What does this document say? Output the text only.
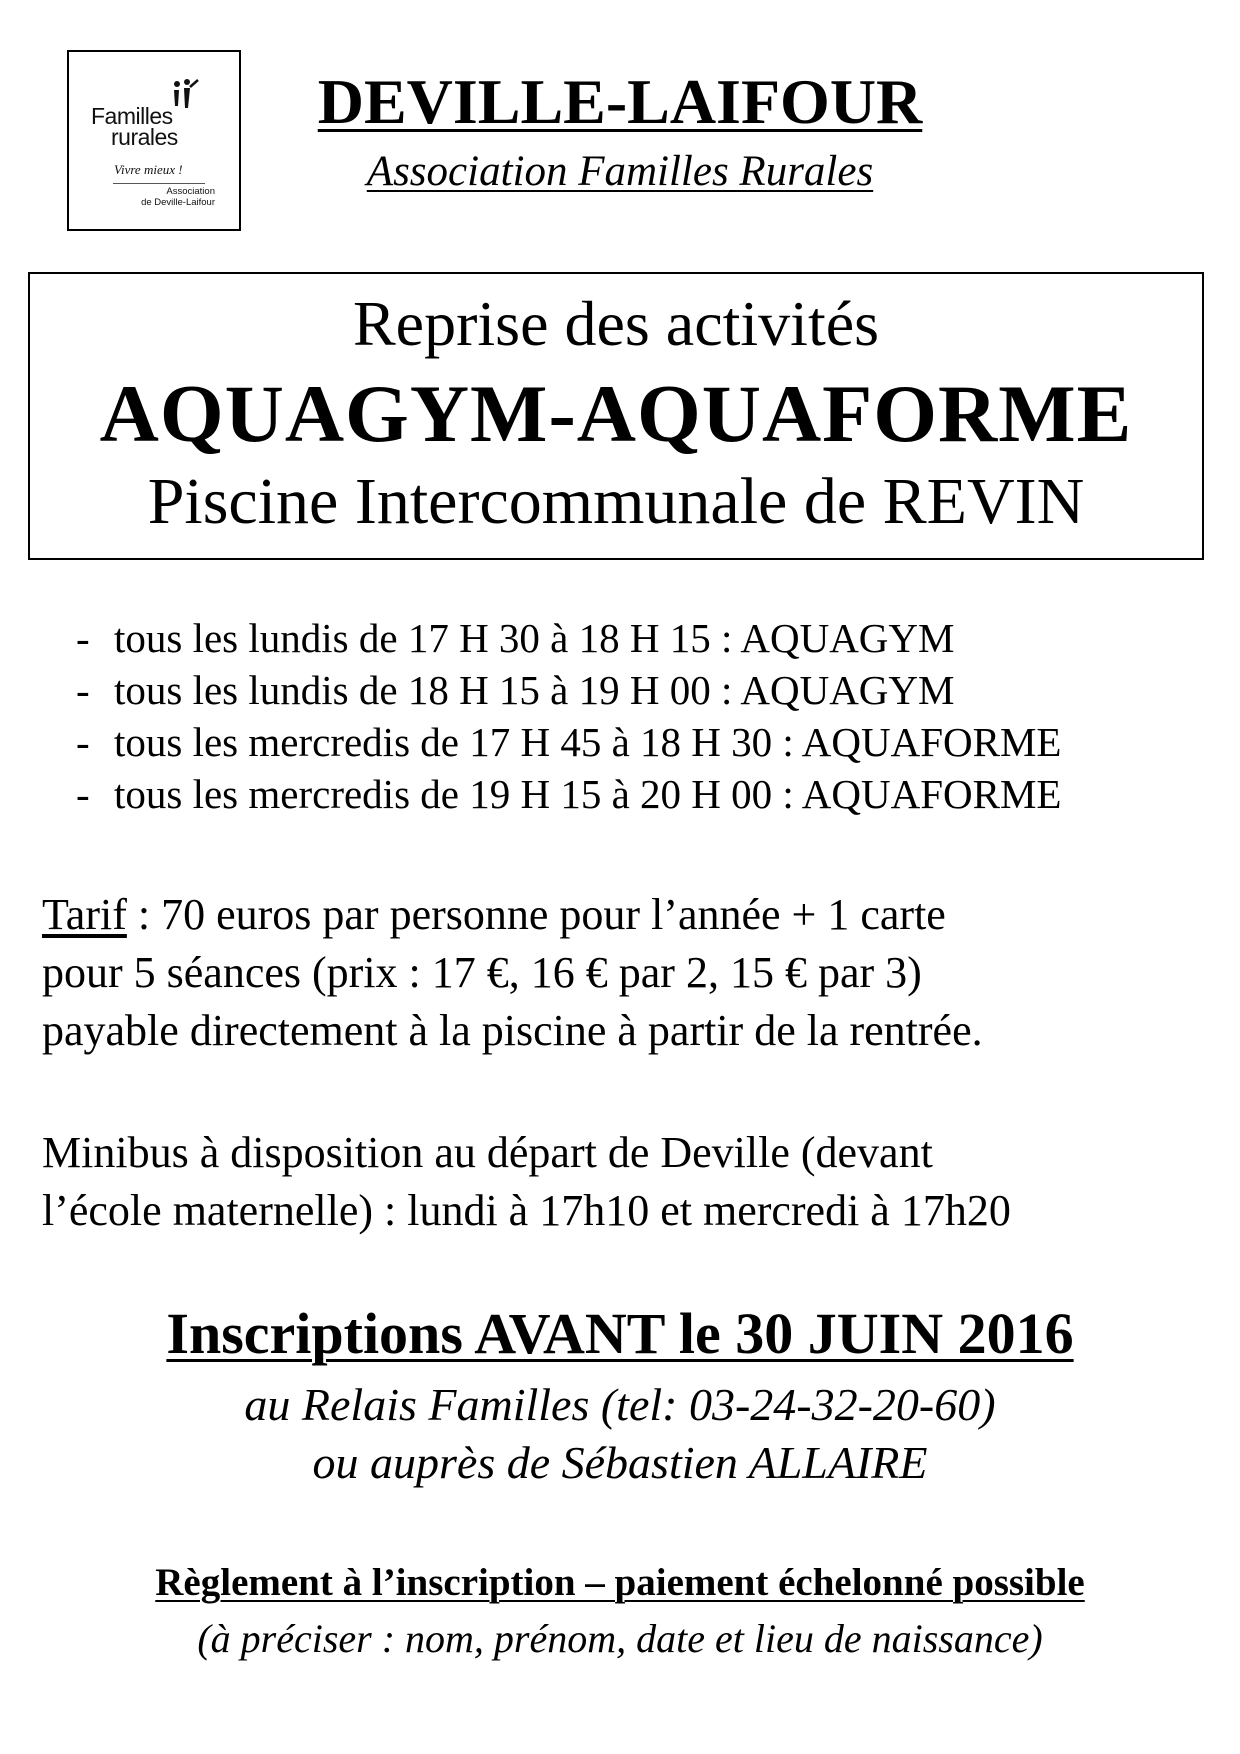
Familles
rurales
Vivre mieux !
Association
de Deville-Laifour
DEVILLE-LAIFOUR
Association Familles Rurales
Reprise des activités
AQUAGYM-AQUAFORME
Piscine Intercommunale de REVIN
- tous les lundis de 17 H 30 à 18 H 15 : AQUAGYM
- tous les lundis de 18 H 15 à 19 H 00 : AQUAGYM
- tous les mercredis de 17 H 45 à 18 H 30 : AQUAFORME
- tous les mercredis de 19 H 15 à 20 H 00 : AQUAFORME
Tarif : 70 euros par personne pour l’année + 1 carte
pour 5 séances (prix : 17 €, 16 € par 2, 15 € par 3)
payable directement à la piscine à partir de la rentrée.
Minibus à disposition au départ de Deville (devant
l’école maternelle) : lundi à 17h10 et mercredi à 17h20
Inscriptions AVANT le 30 JUIN 2016
au Relais Familles (tel: 03-24-32-20-60)
ou auprès de Sébastien ALLAIRE
Règlement à l’inscription – paiement échelonné possible
(à préciser : nom, prénom, date et lieu de naissance)
